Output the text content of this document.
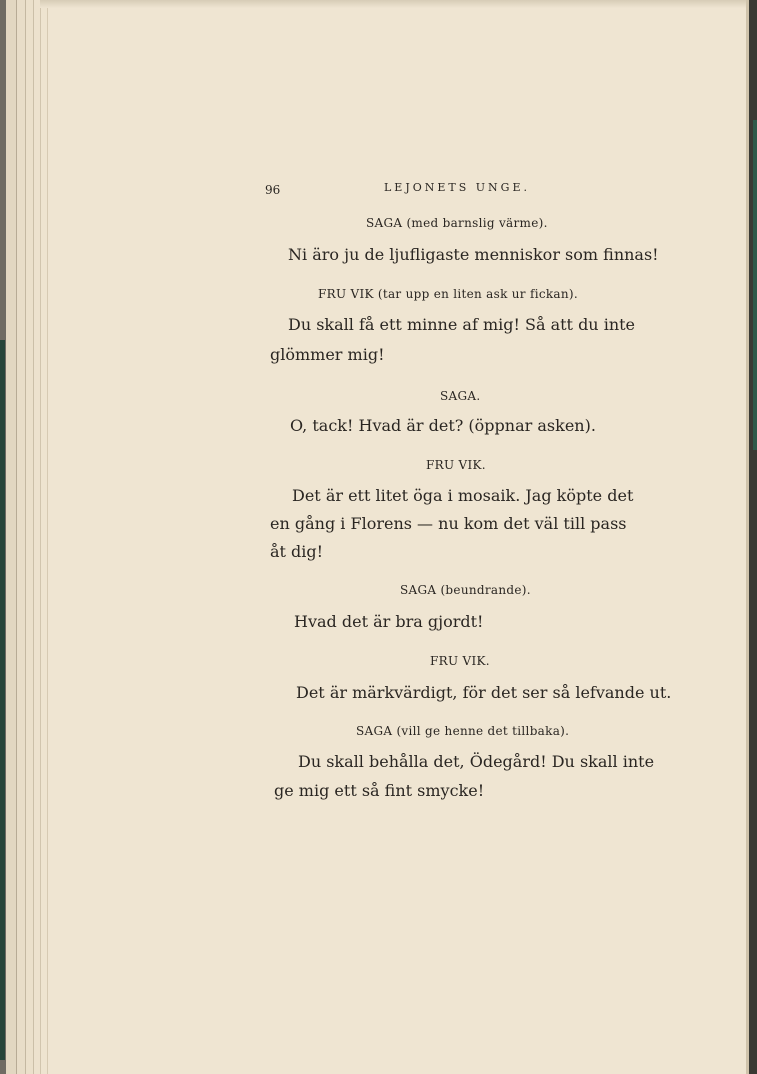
96	LEJONETS UNGE.
SAGA (med barnslig värme).
Ni äro ju de ljufligaste menniskor som finnas!
FRU VIK (tar upp en liten ask ur fickan).
Du skall få ett minne af mig! Så att du inte
glömmer mig!
SAGA.
O, tack! Hvad är det? (öppnar asken).
FRU VIK.
Det är ett litet öga i mosaik. Jag köpte det
en gång i Florens — nu kom det väl till pass
åt dig!
SAGA (beundrande).
Hvad det är bra gjordt!
FRU VIK.
Det är märkvärdigt, för det ser så lefvande ut.
SAGA (vill ge henne det tillbaka).
Du skall behålla det, Ödegård! Du skall inte
ge mig ett så fint smycke!
